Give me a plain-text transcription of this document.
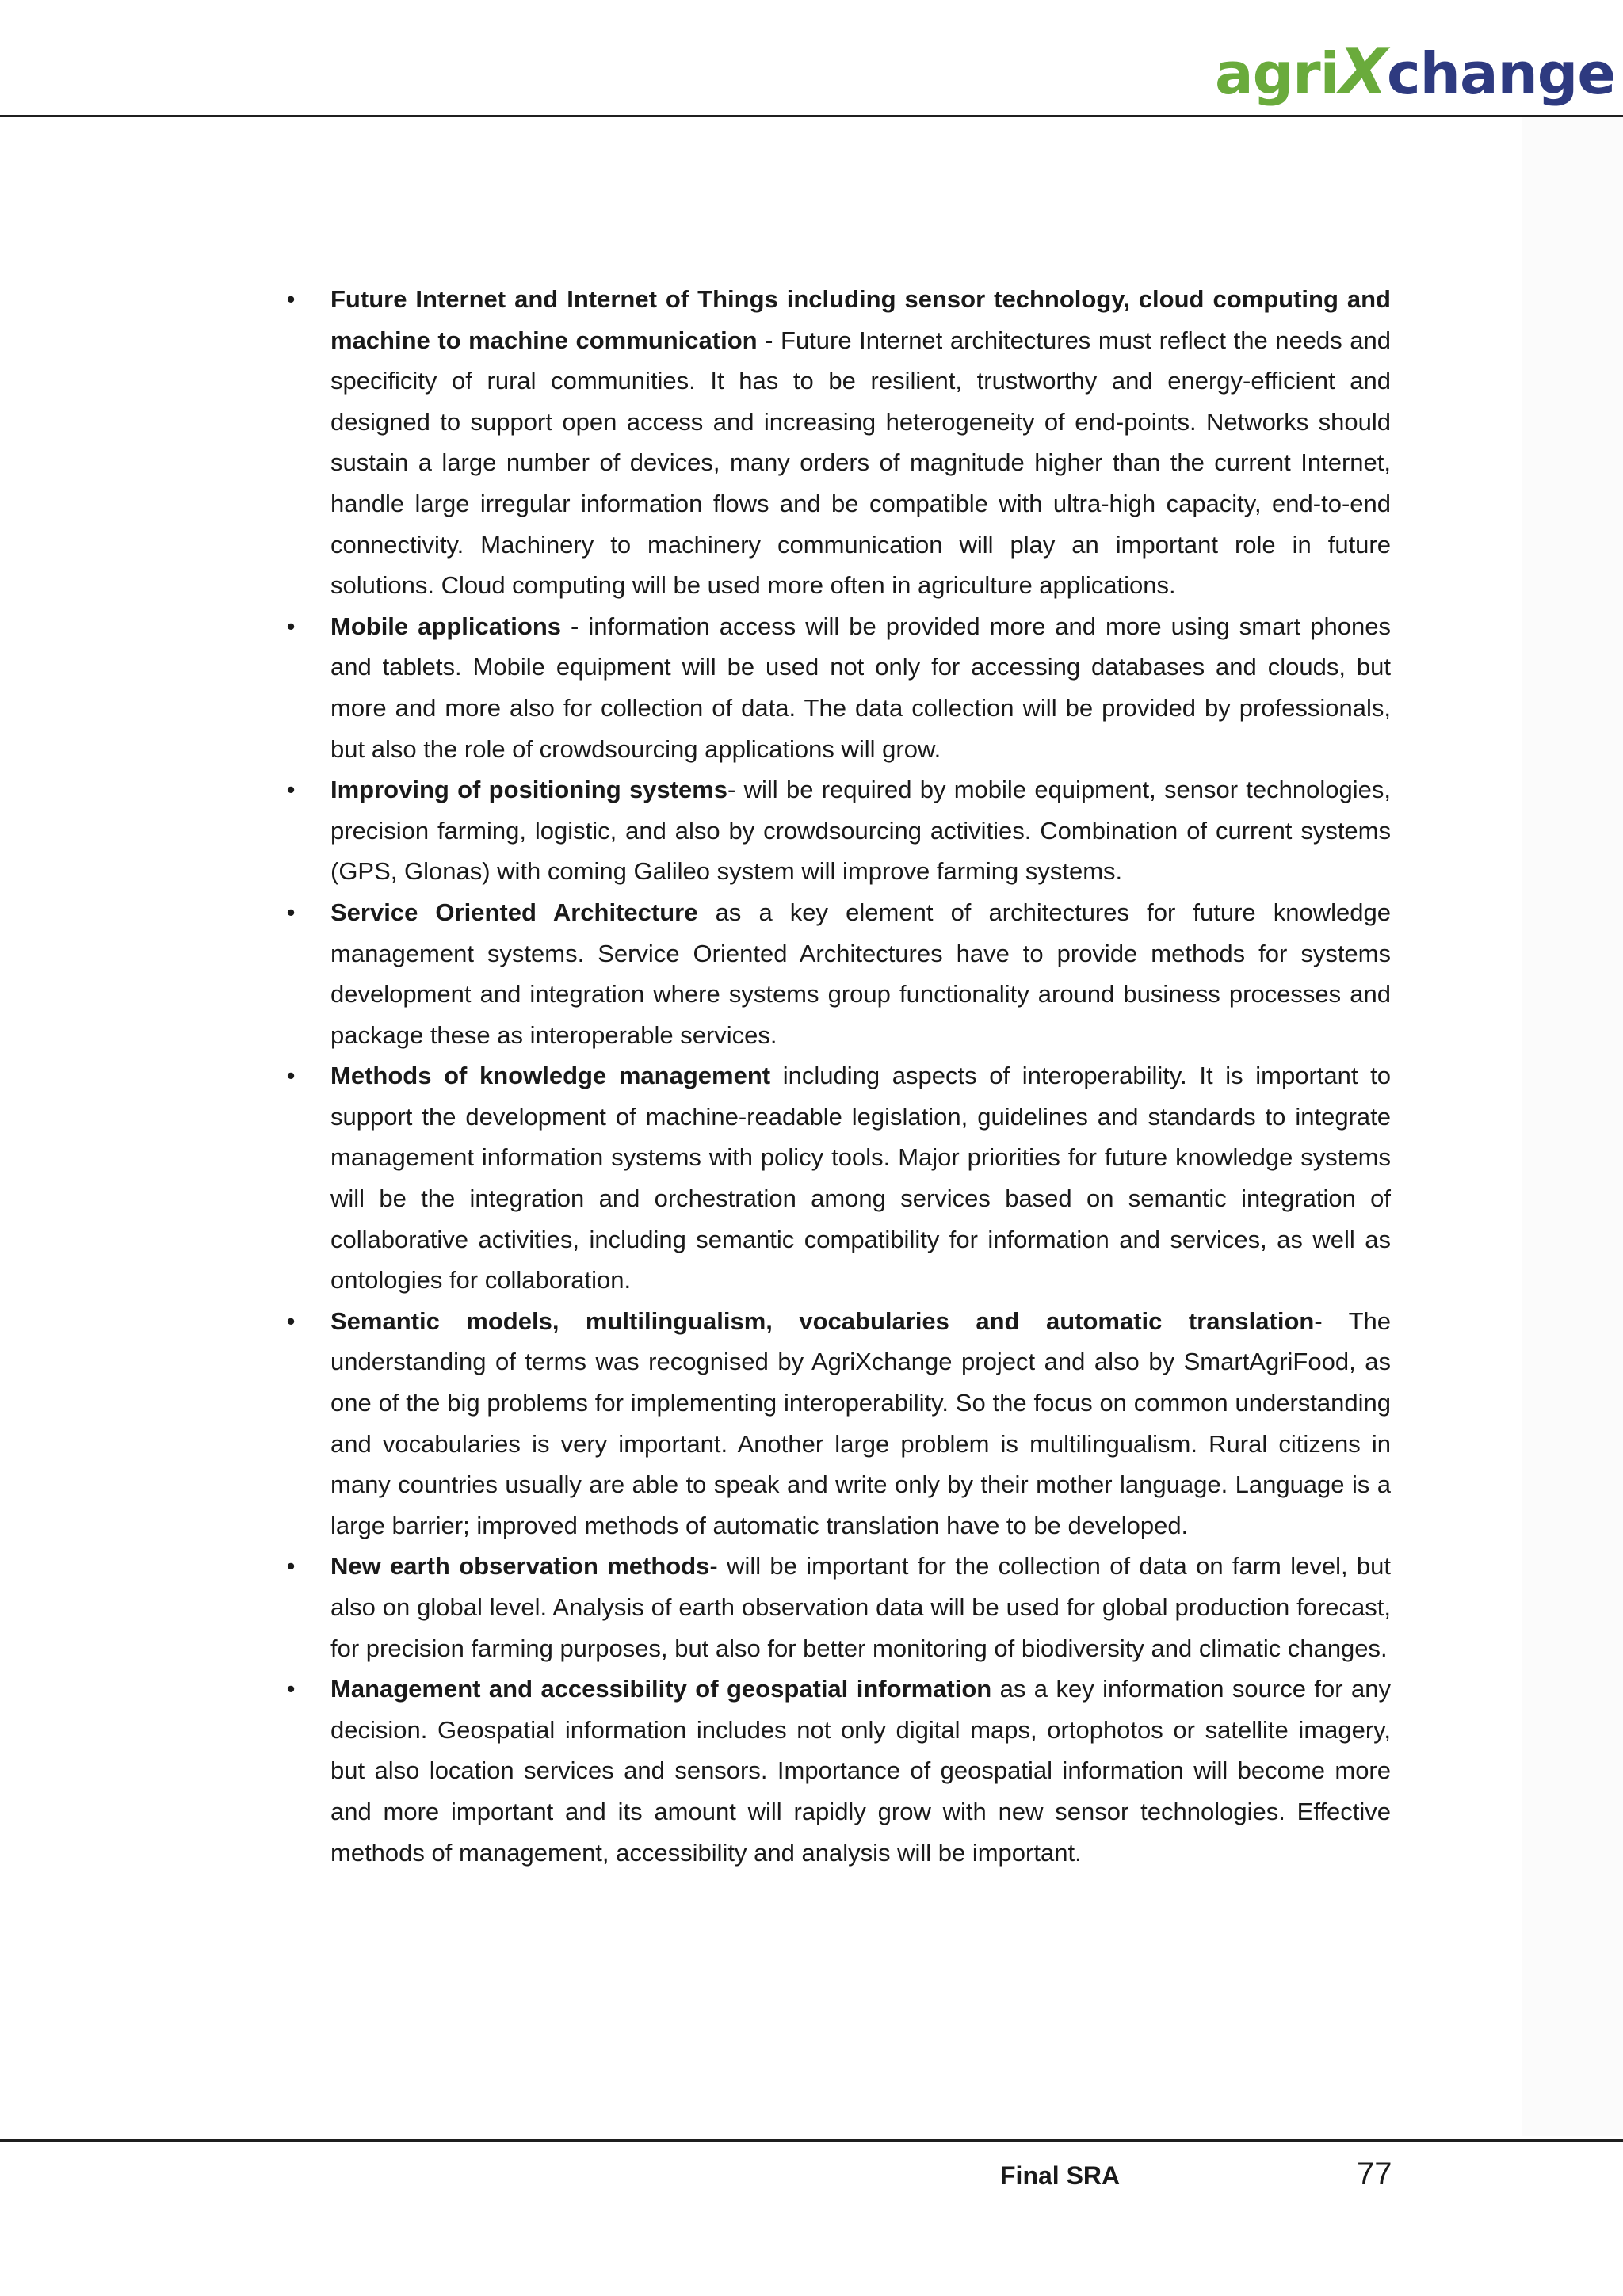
agriXchange
• Future Internet and Internet of Things including sensor technology, cloud computing and machine to machine communication - Future Internet architectures must reflect the needs and specificity of rural communities. It has to be resilient, trustworthy and energy-efficient and designed to support open access and increasing heterogeneity of end-points. Networks should sustain a large number of devices, many orders of magnitude higher than the current Internet, handle large irregular information flows and be compatible with ultra-high capacity, end-to-end connectivity. Machinery to machinery communication will play an important role in future solutions. Cloud computing will be used more often in agriculture applications.
• Mobile applications - information access will be provided more and more using smart phones and tablets. Mobile equipment will be used not only for accessing databases and clouds, but more and more also for collection of data. The data collection will be provided by professionals, but also the role of crowdsourcing applications will grow.
• Improving of positioning systems- will be required by mobile equipment, sensor technologies, precision farming, logistic, and also by crowdsourcing activities. Combination of current systems (GPS, Glonas) with coming Galileo system will improve farming systems.
• Service Oriented Architecture as a key element of architectures for future knowledge management systems. Service Oriented Architectures have to provide methods for systems development and integration where systems group functionality around business processes and package these as interoperable services.
• Methods of knowledge management including aspects of interoperability. It is important to support the development of machine-readable legislation, guidelines and standards to integrate management information systems with policy tools. Major priorities for future knowledge systems will be the integration and orchestration among services based on semantic integration of collaborative activities, including semantic compatibility for information and services, as well as ontologies for collaboration.
• Semantic models, multilingualism, vocabularies and automatic translation- The understanding of terms was recognised by AgriXchange project and also by SmartAgriFood, as one of the big problems for implementing interoperability. So the focus on common understanding and vocabularies is very important. Another large problem is multilingualism. Rural citizens in many countries usually are able to speak and write only by their mother language. Language is a large barrier; improved methods of automatic translation have to be developed.
• New earth observation methods- will be important for the collection of data on farm level, but also on global level. Analysis of earth observation data will be used for global production forecast, for precision farming purposes, but also for better monitoring of biodiversity and climatic changes.
• Management and accessibility of geospatial information as a key information source for any decision. Geospatial information includes not only digital maps, ortophotos or satellite imagery, but also location services and sensors. Importance of geospatial information will become more and more important and its amount will rapidly grow with new sensor technologies. Effective methods of management, accessibility and analysis will be important.
Final SRA	77
